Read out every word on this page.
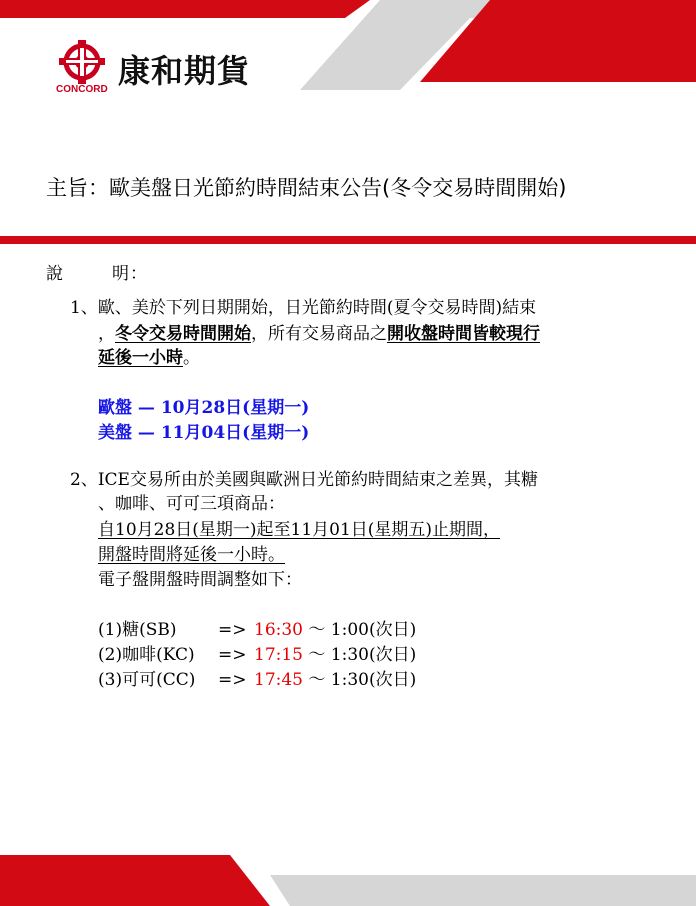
康和期貨
CONCORD
主旨：歐美盤日光節約時間結束公告(冬令交易時間開始)
說	明：
1、歐、美於下列日期開始，日光節約時間(夏令交易時間)結束
，冬令交易時間開始，所有交易商品之開收盤時間皆較現行
延後一小時。
歐盤 — 10月28日(星期一)
美盤 — 11月04日(星期一)
2、ICE交易所由於美國與歐洲日光節約時間結束之差異，其糖
、咖啡、可可三項商品：
自10月28日(星期一)起至11月01日(星期五)止期間，
開盤時間將延後一小時。
電子盤開盤時間調整如下：
(1)糖(SB) => 16:30 ～ 1:00(次日)
(2)咖啡(KC) => 17:15 ～ 1:30(次日)
(3)可可(CC) => 17:45 ～ 1:30(次日)
